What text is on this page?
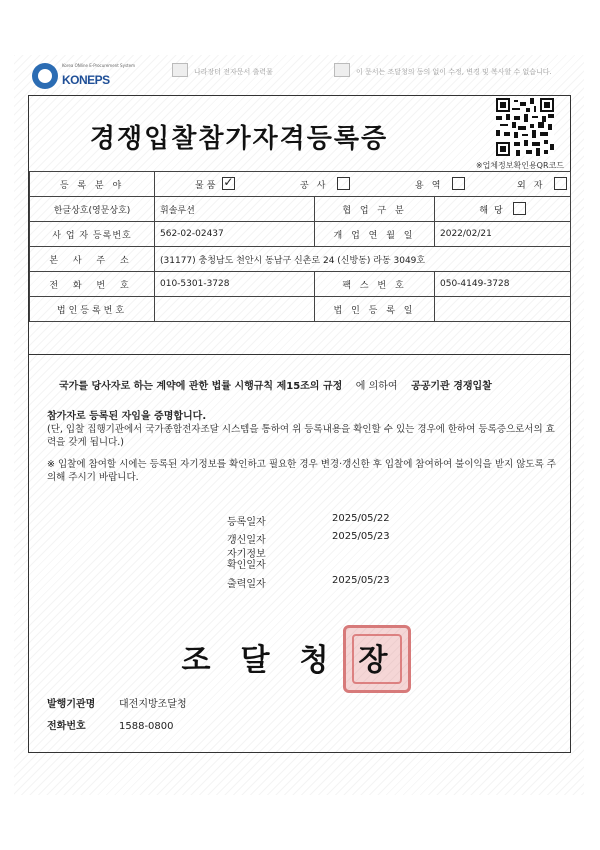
Korea ONline E-Procurement System
KONEPS
나라장터 전자문서 출력물	이 문서는 조달청의 동의 없이 수정, 변경 및 복사할 수 없습니다.
경쟁입찰참가자격등록증
※업체정보확인용QR코드
등 록 분 야	물품 ✓ 공사 용역 외자

한글상호(영문상호)	휘솔루션	협 업 구 분	해당
사 업 자 등록번호	562-02-02437	개 업 연 월 일	2022/02/21
본 사 주 소	(31177) 충청남도 천안시 동남구 신촌로 24 (신방동) 라동 3049호		
전 화 번 호	010-5301-3728	팩 스 번 호	050-4149-3728
법인등록번호		법 인 등 록 일	
국가를 당사자로 하는 계약에 관한 법률 시행규칙 제15조의 규정 에 의하여 공공기관 경쟁입찰
참가자로 등록된 자임을 증명합니다.
(단, 입찰 집행기관에서 국가종합전자조달 시스템을 통하여 위 등록내용을 확인할 수 있는 경우에 한하여 등록증으로서의 효력을 갖게 됩니다.)
※ 입찰에 참여할 시에는 등록된 자기정보를 확인하고 필요한 경우 변경·갱신한 후 입찰에 참여하여 불이익을 받지 않도록 주의해 주시기 바랍니다.
등록일자	2025/05/22
갱신일자	2025/05/23
자기정보 확인일자
출력일자	2025/05/23
조달청장
발행기관명 대전지방조달청
전화번호	1588-0800
